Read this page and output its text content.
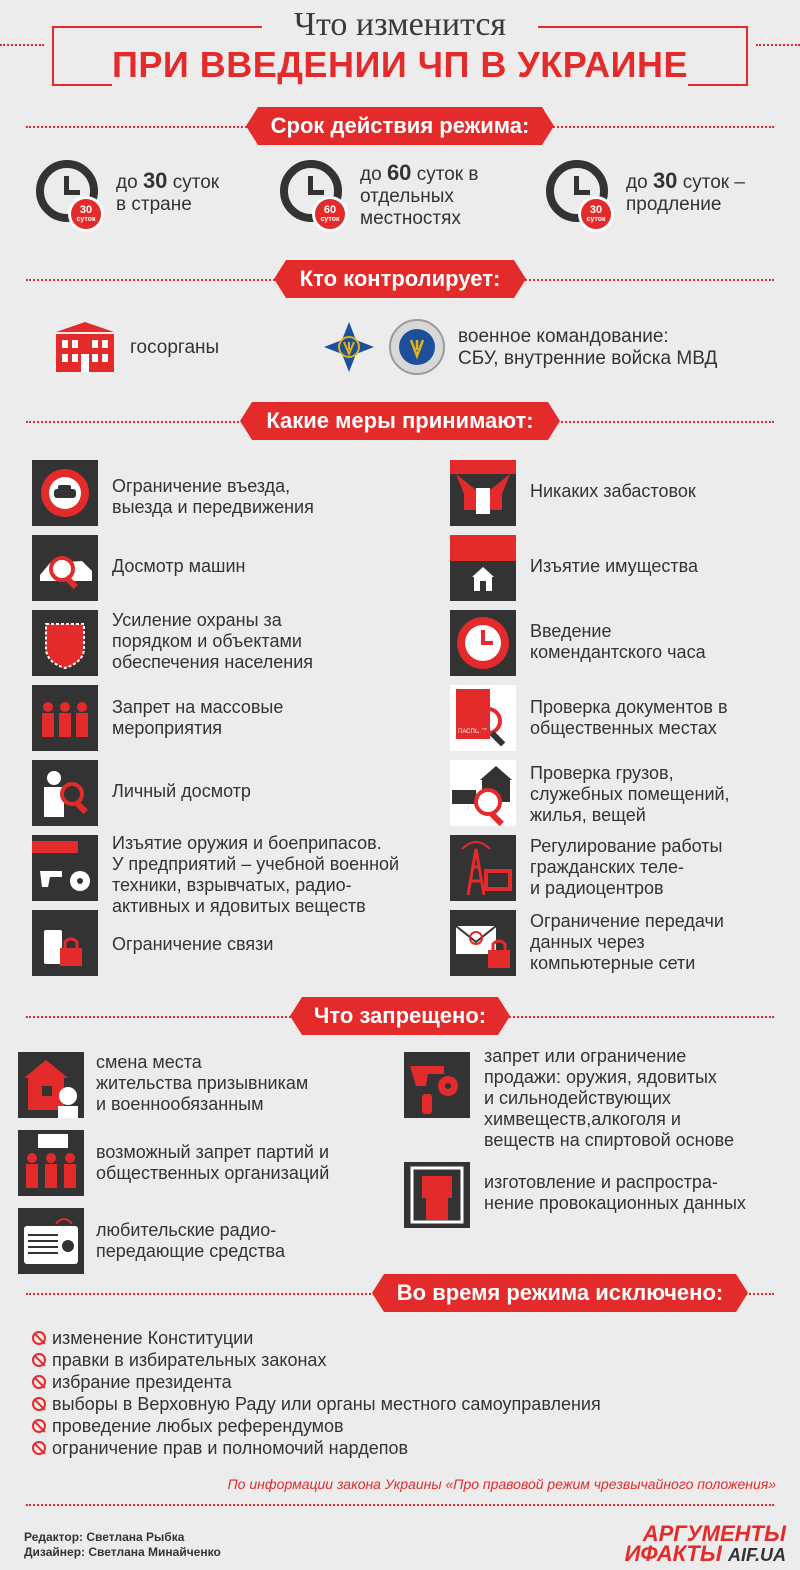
Что изменится
ПРИ ВВЕДЕНИИ ЧП В УКРАИНЕ
Срок действия режима:
30
суток
до 30 суток
в стране	60
суток
до 60 суток в
отдельных
местностях	30
суток
до 30 суток –
продление
Кто контролирует:
госорганы
военное командование:
СБУ, внутренние войска МВД
Какие меры принимают:
Ограничение въезда,
выезда и передвижения
Досмотр машин
Усиление охраны за
порядком и объектами
обеспечения населения
Запрет на массовые
мероприятия
Личный досмотр
Изъятие оружия и боеприпасов.
У предприятий – учебной военной
техники, взрывчатых, радио-
активных и ядовитых веществ
Ограничение связи
Никаких забастовок
Изъятие имущества
Введение
комендантского часа
ПАСПОРТ
Проверка документов в
общественных местах
Проверка грузов,
служебных помещений,
жилья, вещей
Регулирование работы
гражданских теле-
и радиоцентров
Ограничение передачи
данных через
компьютерные сети
Что запрещено:
смена места
жительства призывникам
и военнообязанным
возможный запрет партий и
общественных организаций
любительские радио-
передающие средства
запрет или ограничение
продажи: оружия, ядовитых
и сильнодействующих
химвеществ,алкоголя и
веществ на спиртовой основе
изготовление и распростра-
нение провокационных данных
Во время режима исключено:
изменение Конституции
правки в избирательных законах
избрание президента
выборы в Верховную Раду или органы местного самоуправления
проведение любых референдумов
ограничение прав и полномочий нардепов
По информации закона Украины «Про правовой режим чрезвычайного положения»
Редактор: Светлана Рыбка
Дизайнер: Светлана Минайченко
АРГУМЕНТЫ
ИФАКТЫ AIF.UA
